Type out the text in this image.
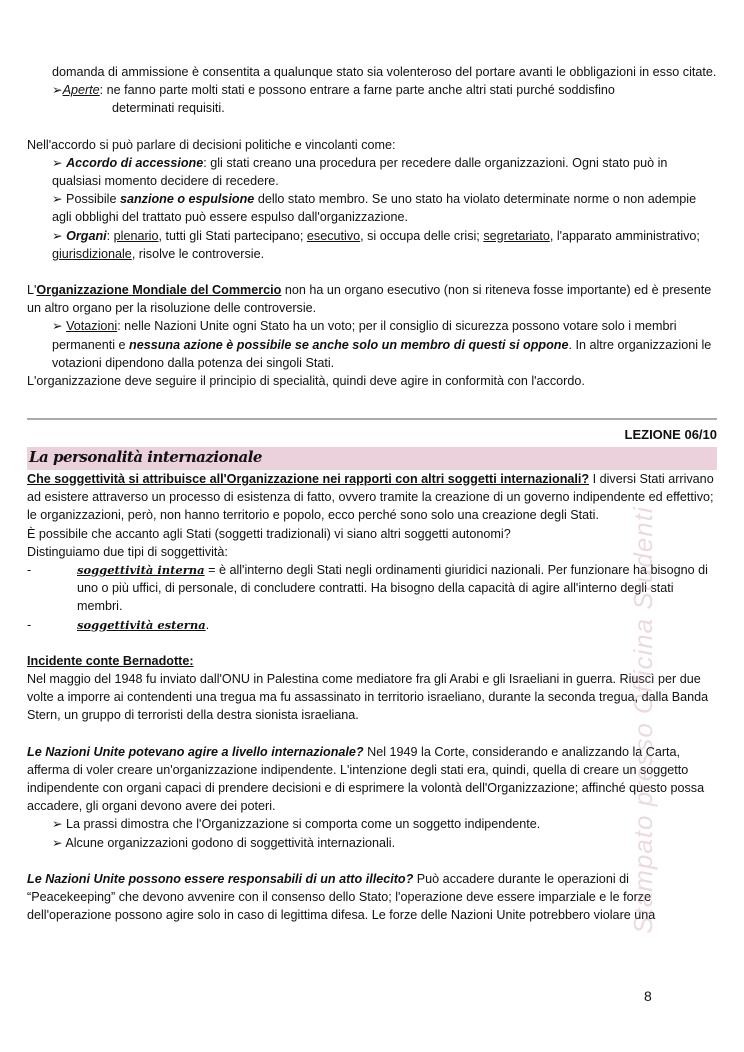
domanda di ammissione è consentita a qualunque stato sia volenteroso del portare avanti le obbligazioni in esso citate.

➢Aperte: ne fanno parte molti stati e possono entrare a farne parte anche altri stati purché soddisfino

determinati requisiti.

Nell'accordo si può parlare di decisioni politiche e vincolanti come:

➢ Accordo di accessione: gli stati creano una procedura per recedere dalle organizzazioni. Ogni stato può in qualsiasi momento decidere di recedere.

➢ Possibile sanzione o espulsione dello stato membro. Se uno stato ha violato determinate norme o non adempie agli obblighi del trattato può essere espulso dall'organizzazione.

➢ Organi: plenario, tutti gli Stati partecipano; esecutivo, si occupa delle crisi; segretariato, l'apparato amministrativo; giurisdizionale, risolve le controversie.

L'Organizzazione Mondiale del Commercio non ha un organo esecutivo (non si riteneva fosse importante) ed è presente un altro organo per la risoluzione delle controversie.

➢ Votazioni: nelle Nazioni Unite ogni Stato ha un voto; per il consiglio di sicurezza possono votare solo i membri permanenti e nessuna azione è possibile se anche solo un membro di questi si oppone. In altre organizzazioni le votazioni dipendono dalla potenza dei singoli Stati.

L'organizzazione deve seguire il principio di specialità, quindi deve agire in conformità con l'accordo.

LEZIONE 06/10
La personalità internazionale

Che soggettività si attribuisce all'Organizzazione nei rapporti con altri soggetti internazionali? I diversi Stati arrivano ad esistere attraverso un processo di esistenza di fatto, ovvero tramite la creazione di un governo indipendente ed effettivo; le organizzazioni, però, non hanno territorio e popolo, ecco perché sono solo una creazione degli Stati.

È possibile che accanto agli Stati (soggetti tradizionali) vi siano altri soggetti autonomi?

Distinguiamo due tipi di soggettività:

-	soggettività interna = è all'interno degli Stati negli ordinamenti giuridici nazionali. Per funzionare ha bisogno di uno o più uffici, di personale, di concludere contratti. Ha bisogno della capacità di agire all'interno degli stati membri.

-	soggettività esterna.

Incidente conte Bernadotte:

Nel maggio del 1948 fu inviato dall'ONU in Palestina come mediatore fra gli Arabi e gli Israeliani in guerra. Riuscì per due volte a imporre ai contendenti una tregua ma fu assassinato in territorio israeliano, durante la seconda tregua, dalla Banda Stern, un gruppo di terroristi della destra sionista israeliana.

Le Nazioni Unite potevano agire a livello internazionale? Nel 1949 la Corte, considerando e analizzando la Carta, afferma di voler creare un'organizzazione indipendente. L'intenzione degli stati era, quindi, quella di creare un soggetto indipendente con organi capaci di prendere decisioni e di esprimere la volontà dell'Organizzazione; affinché questo possa accadere, gli organi devono avere dei poteri.

➢ La prassi dimostra che l'Organizzazione si comporta come un soggetto indipendente.

➢ Alcune organizzazioni godono di soggettività internazionali.

Le Nazioni Unite possono essere responsabili di un atto illecito? Può accadere durante le operazioni di “Peacekeeping” che devono avvenire con il consenso dello Stato; l'operazione deve essere imparziale e le forze dell'operazione possono agire solo in caso di legittima difesa. Le forze delle Nazioni Unite potrebbero violare una

Stampato presso Officina Studenti
8
